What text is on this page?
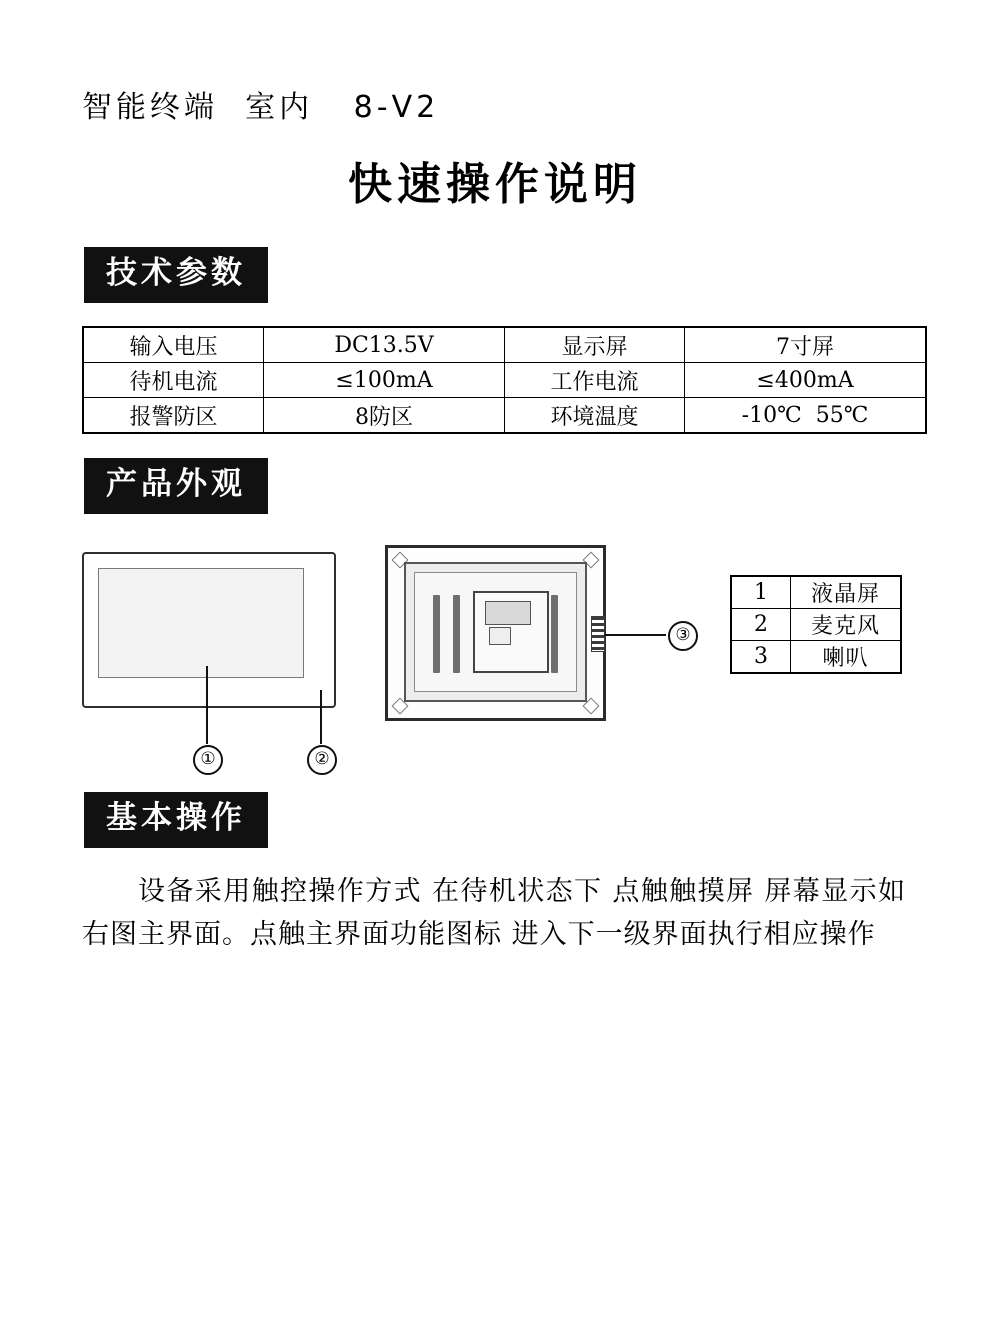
智能终端  室内   8-V2
快速操作说明
技术参数
输入电压	DC13.5V	显示屏	7寸屏
待机电流	≤100mA	工作电流	≤400mA
报警防区	8防区	环境温度	-10℃  55℃
产品外观
①	②
③
1	液晶屏
2	麦克风
3	喇叭
基本操作
设备采用触控操作方式 在待机状态下 点触触摸屏 屏幕显示如右图主界面。点触主界面功能图标 进入下一级界面执行相应操作
